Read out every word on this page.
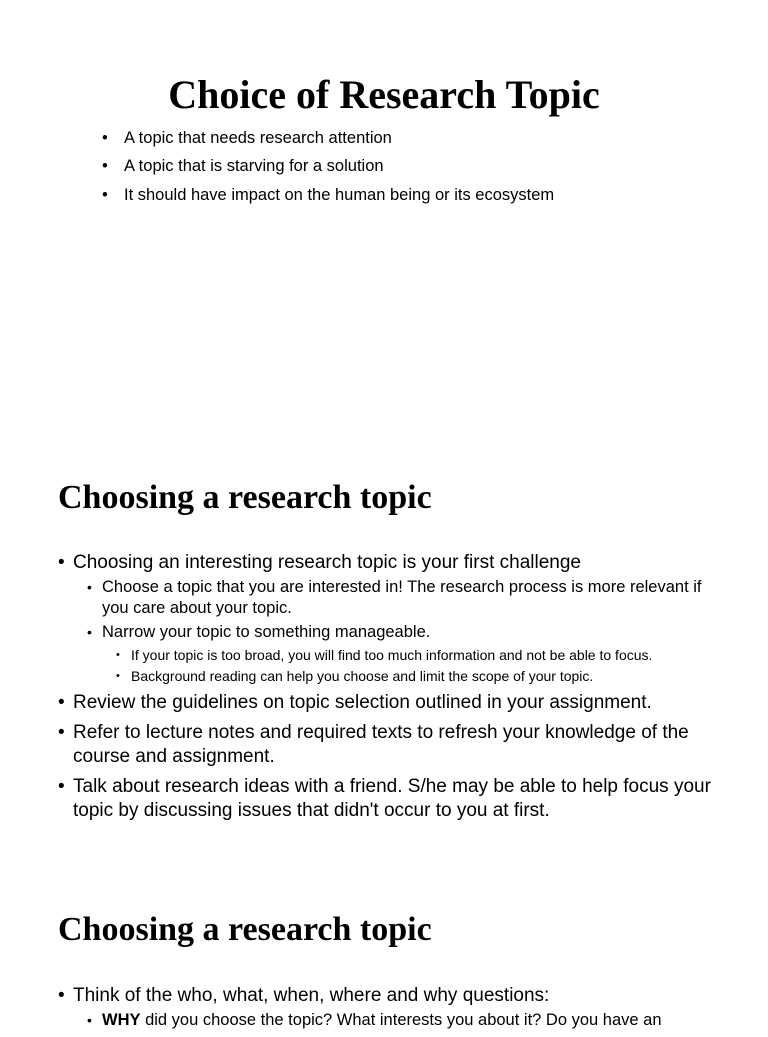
Choice of Research Topic
• A topic that needs research attention
• A topic that is starving for a solution
• It should have impact on the human being or its ecosystem
Choosing a research topic
• Choosing an interesting research topic is your first challenge
• Choose a topic that you are interested in! The research process is more relevant if you care about your topic.
• Narrow your topic to something manageable.
• If your topic is too broad, you will find too much information and not be able to focus.
• Background reading can help you choose and limit the scope of your topic.
• Review the guidelines on topic selection outlined in your assignment.
• Refer to lecture notes and required texts to refresh your knowledge of the course and assignment.
• Talk about research ideas with a friend. S/he may be able to help focus your topic by discussing issues that didn't occur to you at first.
Choosing a research topic
• Think of the who, what, when, where and why questions:
• WHY did you choose the topic? What interests you about it? Do you have an
